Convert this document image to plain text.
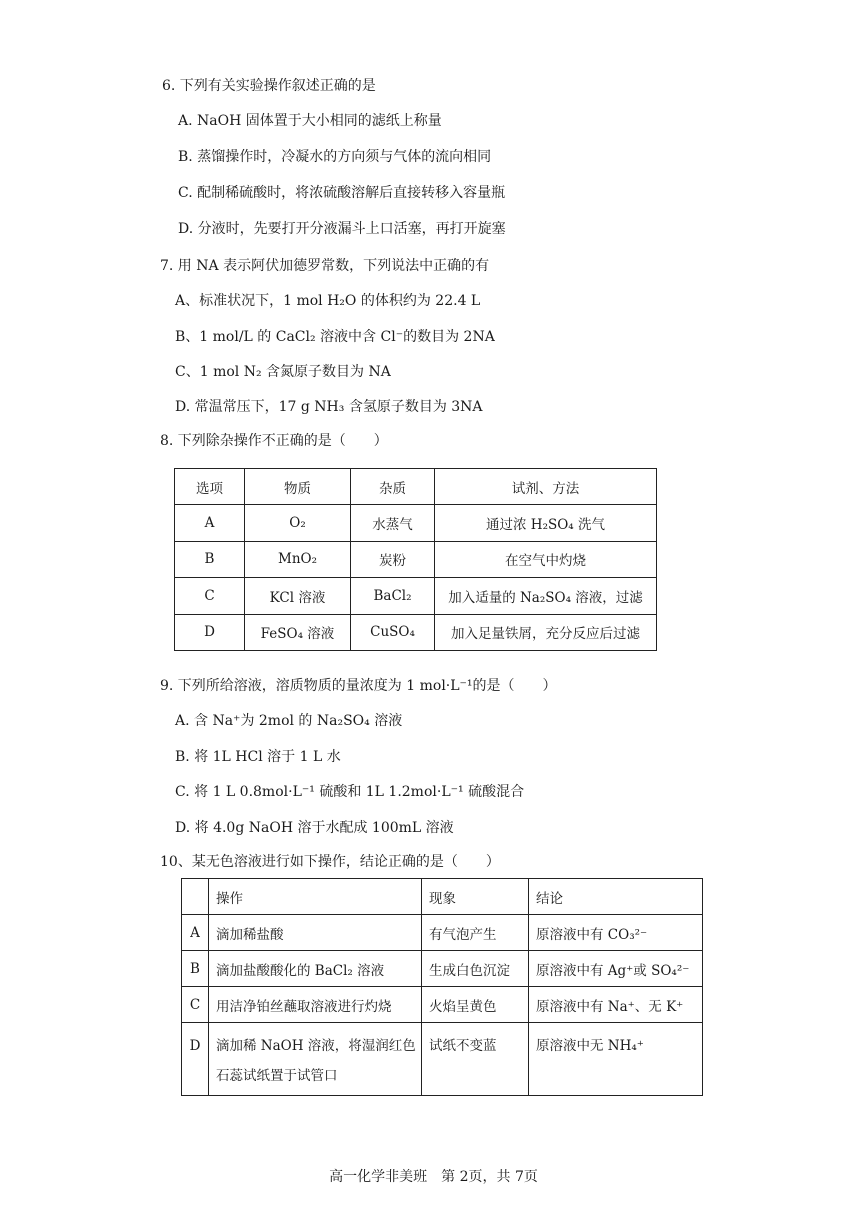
6. 下列有关实验操作叙述正确的是
A. NaOH 固体置于大小相同的滤纸上称量
B. 蒸馏操作时，冷凝水的方向须与气体的流向相同
C. 配制稀硫酸时，将浓硫酸溶解后直接转移入容量瓶
D. 分液时，先要打开分液漏斗上口活塞，再打开旋塞
7. 用 NA 表示阿伏加德罗常数，下列说法中正确的有
A、标准状况下，1 mol H₂O 的体积约为 22.4 L
B、1 mol/L 的 CaCl₂ 溶液中含 Cl⁻的数目为 2NA
C、1 mol N₂ 含氮原子数目为 NA
D. 常温常压下，17 g NH₃ 含氢原子数目为 3NA
8. 下列除杂操作不正确的是（　　）
选项	物质	杂质	试剂、方法
A	O₂	水蒸气	通过浓 H₂SO₄ 洗气
B	MnO₂	炭粉	在空气中灼烧
C	KCl 溶液	BaCl₂	加入适量的 Na₂SO₄ 溶液，过滤
D	FeSO₄ 溶液	CuSO₄	加入足量铁屑，充分反应后过滤
9. 下列所给溶液，溶质物质的量浓度为 1 mol·L⁻¹的是（　　）
A. 含 Na⁺为 2mol 的 Na₂SO₄ 溶液
B. 将 1L HCl 溶于 1 L 水
C. 将 1 L 0.8mol·L⁻¹ 硫酸和 1L 1.2mol·L⁻¹ 硫酸混合
D. 将 4.0g NaOH 溶于水配成 100mL 溶液
10、某无色溶液进行如下操作，结论正确的是（　　）
	操作	现象	结论
A	滴加稀盐酸	有气泡产生	原溶液中有 CO₃²⁻
B	滴加盐酸酸化的 BaCl₂ 溶液	生成白色沉淀	原溶液中有 Ag⁺或 SO₄²⁻
C	用洁净铂丝蘸取溶液进行灼烧	火焰呈黄色	原溶液中有 Na⁺、无 K⁺
D	滴加稀 NaOH 溶液，将湿润红色石蕊试纸置于试管口	试纸不变蓝	原溶液中无 NH₄⁺
高一化学非美班　第 2页，共 7页
